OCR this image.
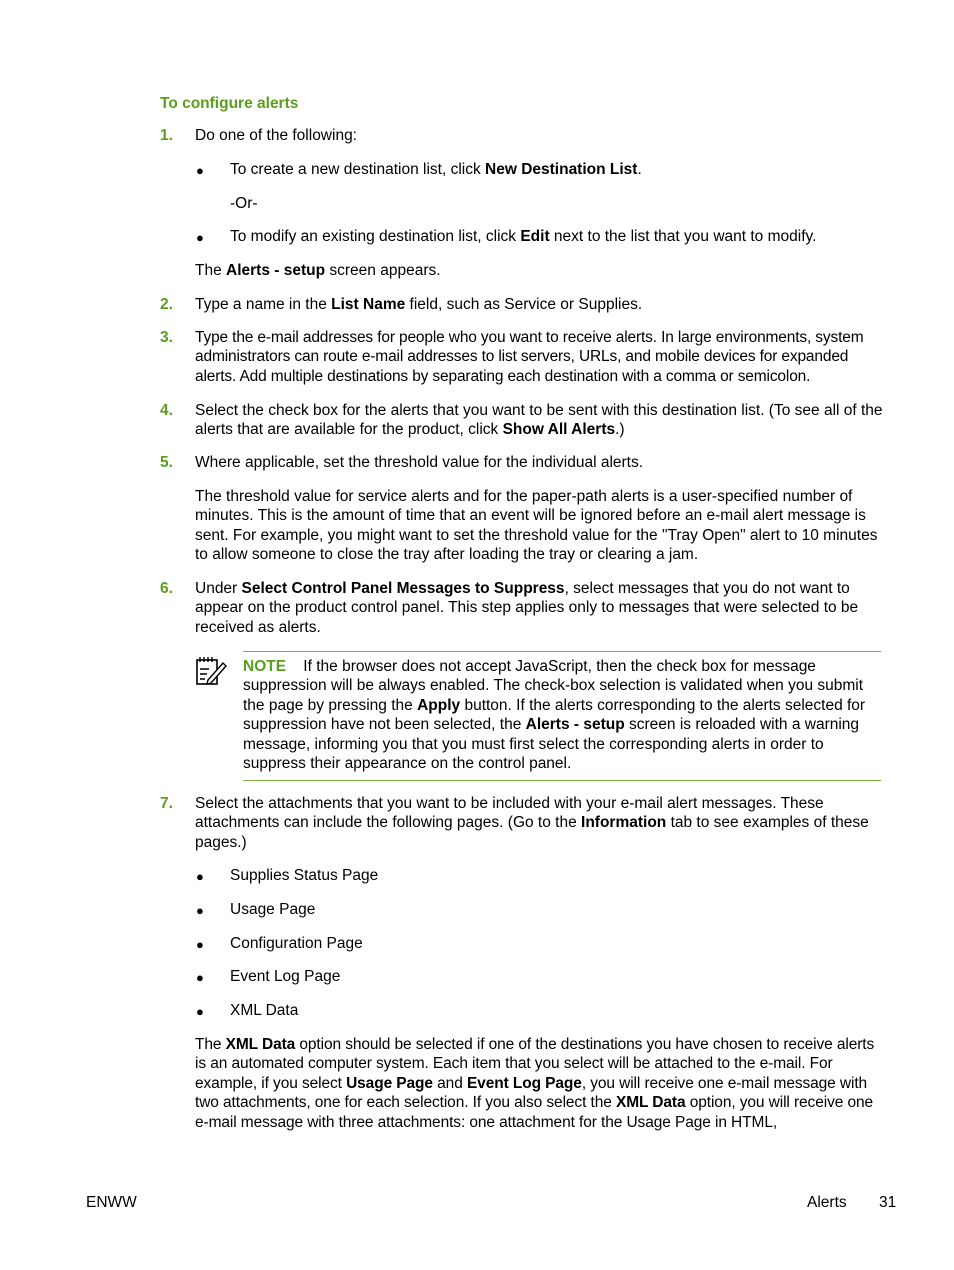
To configure alerts
1. Do one of the following:
● To create a new destination list, click New Destination List.
-Or-
● To modify an existing destination list, click Edit next to the list that you want to modify.
The Alerts - setup screen appears.
2. Type a name in the List Name field, such as Service or Supplies.
3. Type the e-mail addresses for people who you want to receive alerts. In large environments, system administrators can route e-mail addresses to list servers, URLs, and mobile devices for expanded alerts. Add multiple destinations by separating each destination with a comma or semicolon.
4. Select the check box for the alerts that you want to be sent with this destination list. (To see all of the alerts that are available for the product, click Show All Alerts.)
5. Where applicable, set the threshold value for the individual alerts.
The threshold value for service alerts and for the paper-path alerts is a user-specified number of minutes. This is the amount of time that an event will be ignored before an e-mail alert message is sent. For example, you might want to set the threshold value for the "Tray Open" alert to 10 minutes to allow someone to close the tray after loading the tray or clearing a jam.
6. Under Select Control Panel Messages to Suppress, select messages that you do not want to appear on the product control panel. This step applies only to messages that were selected to be received as alerts.
NOTE If the browser does not accept JavaScript, then the check box for message suppression will be always enabled. The check-box selection is validated when you submit the page by pressing the Apply button. If the alerts corresponding to the alerts selected for suppression have not been selected, the Alerts - setup screen is reloaded with a warning message, informing you that you must first select the corresponding alerts in order to suppress their appearance on the control panel.
7. Select the attachments that you want to be included with your e-mail alert messages. These attachments can include the following pages. (Go to the Information tab to see examples of these pages.)
● Supplies Status Page
● Usage Page
● Configuration Page
● Event Log Page
● XML Data
The XML Data option should be selected if one of the destinations you have chosen to receive alerts is an automated computer system. Each item that you select will be attached to the e-mail. For example, if you select Usage Page and Event Log Page, you will receive one e-mail message with two attachments, one for each selection. If you also select the XML Data option, you will receive one e-mail message with three attachments: one attachment for the Usage Page in HTML,
ENWW	Alerts 31
